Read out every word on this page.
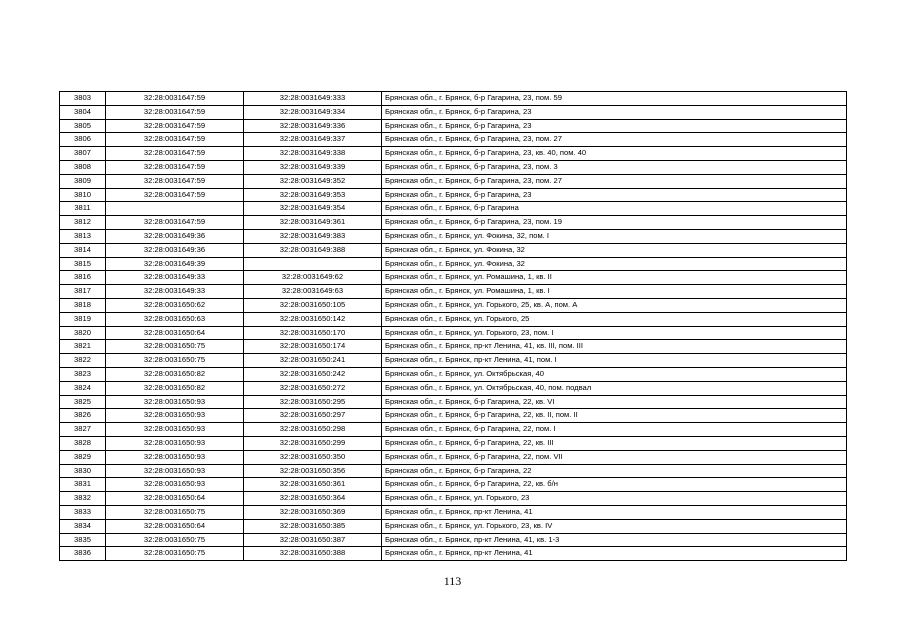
3803	32:28:0031647:59	32:28:0031649:333	Брянская обл., г. Брянск, б-р Гагарина, 23, пом. 59
3804	32:28:0031647:59	32:28:0031649:334	Брянская обл., г. Брянск, б-р Гагарина, 23
3805	32:28:0031647:59	32:28:0031649:336	Брянская обл., г. Брянск, б-р Гагарина, 23
3806	32:28:0031647:59	32:28:0031649:337	Брянская обл., г. Брянск, б-р Гагарина, 23, пом. 27
3807	32:28:0031647:59	32:28:0031649:338	Брянская обл., г. Брянск, б-р Гагарина, 23, кв. 40, пом. 40
3808	32:28:0031647:59	32:28:0031649:339	Брянская обл., г. Брянск, б-р Гагарина, 23, пом. 3
3809	32:28:0031647:59	32:28:0031649:352	Брянская обл., г. Брянск, б-р Гагарина, 23, пом. 27
3810	32:28:0031647:59	32:28:0031649:353	Брянская обл., г. Брянск, б-р Гагарина, 23
3811		32:28:0031649:354	Брянская обл., г. Брянск, б-р Гагарина
3812	32:28:0031647:59	32:28:0031649:361	Брянская обл., г. Брянск, б-р Гагарина, 23, пом. 19
3813	32:28:0031649:36	32:28:0031649:383	Брянская обл., г. Брянск, ул. Фокина, 32, пом. I
3814	32:28:0031649:36	32:28:0031649:388	Брянская обл., г. Брянск, ул. Фокина, 32
3815	32:28:0031649:39		Брянская обл., г. Брянск, ул. Фокина, 32
3816	32:28:0031649:33	32:28:0031649:62	Брянская обл., г. Брянск, ул. Ромашина, 1, кв. II
3817	32:28:0031649:33	32:28:0031649:63	Брянская обл., г. Брянск, ул. Ромашина, 1, кв. I
3818	32:28:0031650:62	32:28:0031650:105	Брянская обл., г. Брянск, ул. Горького, 25, кв. А, пом. А
3819	32:28:0031650:63	32:28:0031650:142	Брянская обл., г. Брянск, ул. Горького, 25
3820	32:28:0031650:64	32:28:0031650:170	Брянская обл., г. Брянск, ул. Горького, 23, пом. I
3821	32:28:0031650:75	32:28:0031650:174	Брянская обл., г. Брянск, пр-кт Ленина, 41, кв. III, пом. III
3822	32:28:0031650:75	32:28:0031650:241	Брянская обл., г. Брянск, пр-кт Ленина, 41, пом. I
3823	32:28:0031650:82	32:28:0031650:242	Брянская обл., г. Брянск, ул. Октябрьская, 40
3824	32:28:0031650:82	32:28:0031650:272	Брянская обл., г. Брянск, ул. Октябрьская, 40, пом. подвал
3825	32:28:0031650:93	32:28:0031650:295	Брянская обл., г. Брянск, б-р Гагарина, 22, кв. VI
3826	32:28:0031650:93	32:28:0031650:297	Брянская обл., г. Брянск, б-р Гагарина, 22, кв. II, пом. II
3827	32:28:0031650:93	32:28:0031650:298	Брянская обл., г. Брянск, б-р Гагарина, 22, пом. I
3828	32:28:0031650:93	32:28:0031650:299	Брянская обл., г. Брянск, б-р Гагарина, 22, кв. III
3829	32:28:0031650:93	32:28:0031650:350	Брянская обл., г. Брянск, б-р Гагарина, 22, пом. VII
3830	32:28:0031650:93	32:28:0031650:356	Брянская обл., г. Брянск, б-р Гагарина, 22
3831	32:28:0031650:93	32:28:0031650:361	Брянская обл., г. Брянск, б-р Гагарина, 22, кв. б/н
3832	32:28:0031650:64	32:28:0031650:364	Брянская обл., г. Брянск, ул. Горького, 23
3833	32:28:0031650:75	32:28:0031650:369	Брянская обл., г. Брянск, пр-кт Ленина, 41
3834	32:28:0031650:64	32:28:0031650:385	Брянская обл., г. Брянск, ул. Горького, 23, кв. IV
3835	32:28:0031650:75	32:28:0031650:387	Брянская обл., г. Брянск, пр-кт Ленина, 41, кв. 1-3
3836	32:28:0031650:75	32:28:0031650:388	Брянская обл., г. Брянск, пр-кт Ленина, 41
113
